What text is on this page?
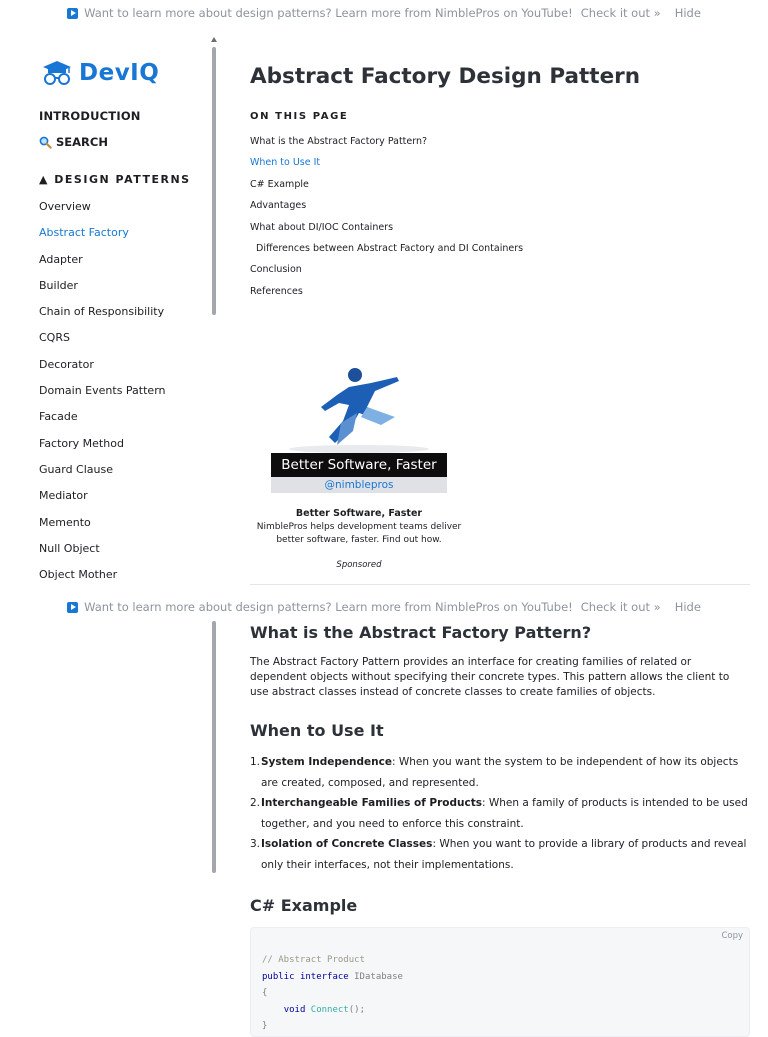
Want to learn more about design patterns? Learn more from NimblePros on YouTube! Check it out » Hide
DevIQ
INTRODUCTION
SEARCH
▲ DESIGN PATTERNS
Overview
Abstract Factory
Adapter
Builder
Chain of Responsibility
CQRS
Decorator
Domain Events Pattern
Facade
Factory Method
Guard Clause
Mediator
Memento
Null Object
Object Mother
Abstract Factory Design Pattern
ON THIS PAGE
What is the Abstract Factory Pattern?
When to Use It
C# Example
Advantages
What about DI/IOC Containers
Differences between Abstract Factory and DI Containers
Conclusion
References
Better Software, Faster
@nimblepros
Better Software, Faster
NimblePros helps development teams deliver better software, faster. Find out how.
Sponsored
Want to learn more about design patterns? Learn more from NimblePros on YouTube! Check it out » Hide
What is the Abstract Factory Pattern?

The Abstract Factory Pattern provides an interface for creating families of related or dependent objects without specifying their concrete types. This pattern allows the client to use abstract classes instead of concrete classes to create families of objects.

When to Use It
1. System Independence: When you want the system to be independent of how its objects are created, composed, and represented.
2. Interchangeable Families of Products: When a family of products is intended to be used together, and you need to enforce this constraint.
3. Isolation of Concrete Classes: When you want to provide a library of products and reveal only their interfaces, not their implementations.
C# Example
Copy
// Abstract Product
public interface IDatabase
{
void Connect();
}
